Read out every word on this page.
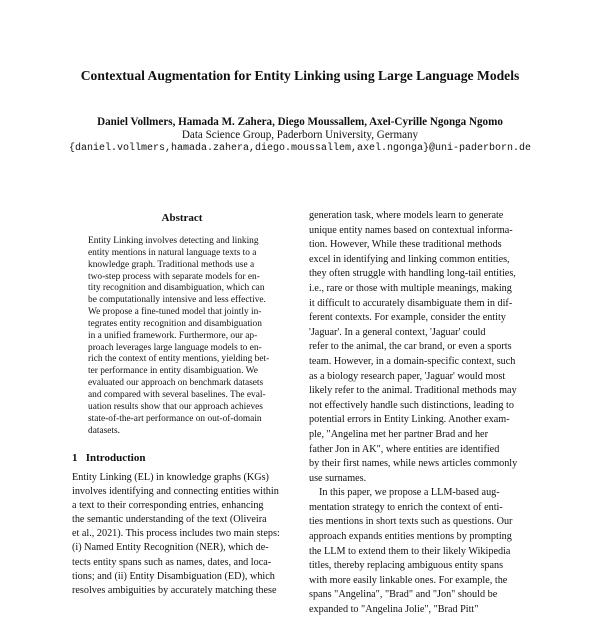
Contextual Augmentation for Entity Linking using Large Language Models
Daniel Vollmers, Hamada M. Zahera, Diego Moussallem, Axel-Cyrille Ngonga Ngomo
Data Science Group, Paderborn University, Germany
{daniel.vollmers,hamada.zahera,diego.moussallem,axel.ngonga}@uni-paderborn.de
Abstract
Entity Linking involves detecting and linking
entity mentions in natural language texts to a
knowledge graph. Traditional methods use a
two-step process with separate models for en-
tity recognition and disambiguation, which can
be computationally intensive and less effective.
We propose a fine-tuned model that jointly in-
tegrates entity recognition and disambiguation
in a unified framework. Furthermore, our ap-
proach leverages large language models to en-
rich the context of entity mentions, yielding bet-
ter performance in entity disambiguation. We
evaluated our approach on benchmark datasets
and compared with several baselines. The eval-
uation results show that our approach achieves
state-of-the-art performance on out-of-domain
datasets.
1 Introduction
Entity Linking (EL) in knowledge graphs (KGs)
involves identifying and connecting entities within
a text to their corresponding entries, enhancing
the semantic understanding of the text (Oliveira
et al., 2021). This process includes two main steps:
(i) Named Entity Recognition (NER), which de-
tects entity spans such as names, dates, and loca-
tions; and (ii) Entity Disambiguation (ED), which
resolves ambiguities by accurately matching these
generation task, where models learn to generate
unique entity names based on contextual informa-
tion. However, While these traditional methods
excel in identifying and linking common entities,
they often struggle with handling long-tail entities,
i.e., rare or those with multiple meanings, making
it difficult to accurately disambiguate them in dif-
ferent contexts. For example, consider the entity
'Jaguar'. In a general context, 'Jaguar' could
refer to the animal, the car brand, or even a sports
team. However, in a domain-specific context, such
as a biology research paper, 'Jaguar' would most
likely refer to the animal. Traditional methods may
not effectively handle such distinctions, leading to
potential errors in Entity Linking. Another exam-
ple, "Angelina met her partner Brad and her
father Jon in AK", where entities are identified
by their first names, while news articles commonly
use surnames.
In this paper, we propose a LLM-based aug-
mentation strategy to enrich the context of enti-
ties mentions in short texts such as questions. Our
approach expands entities mentions by prompting
the LLM to extend them to their likely Wikipedia
titles, thereby replacing ambiguous entity spans
with more easily linkable ones. For example, the
spans "Angelina", "Brad" and "Jon" should be
expanded to "Angelina Jolie", "Brad Pitt"
